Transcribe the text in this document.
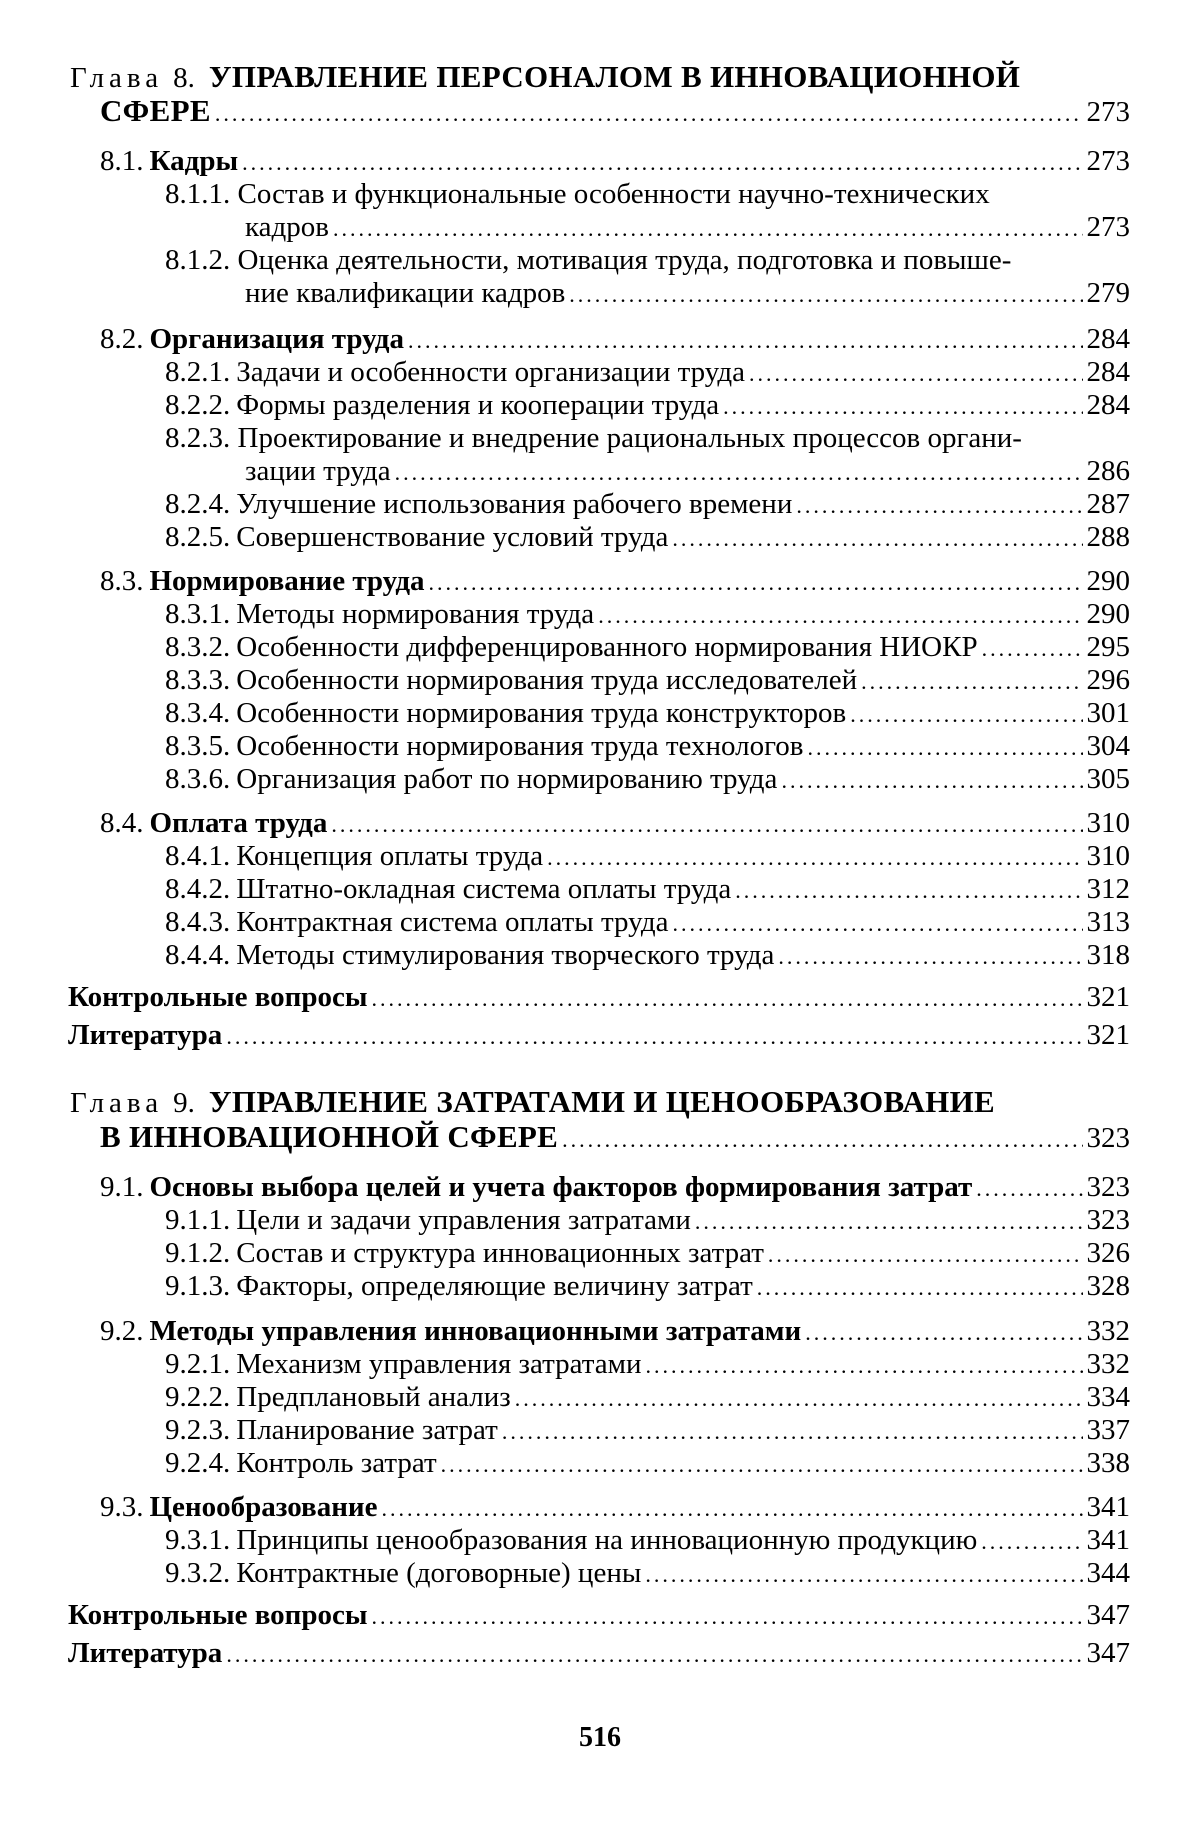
Глава 8. УПРАВЛЕНИЕ ПЕРСОНАЛОМ В ИННОВАЦИОННОЙ
СФЕРЕ .....	273
8.1. Кадры .....	273
8.1.1. Состав и функциональные особенности научно-технических
кадров .....	273
8.1.2. Оценка деятельности, мотивация труда, подготовка и повыше-
ние квалификации кадров .....	279
8.2. Организация труда .....	284
8.2.1. Задачи и особенности организации труда .....	284
8.2.2. Формы разделения и кооперации труда .....	284
8.2.3. Проектирование и внедрение рациональных процессов органи-
зации труда .....	286
8.2.4. Улучшение использования рабочего времени .....	287
8.2.5. Совершенствование условий труда .....	288
8.3. Нормирование труда .....	290
8.3.1. Методы нормирования труда .....	290
8.3.2. Особенности дифференцированного нормирования НИОКР .....	295
8.3.3. Особенности нормирования труда исследователей .....	296
8.3.4. Особенности нормирования труда конструкторов .....	301
8.3.5. Особенности нормирования труда технологов .....	304
8.3.6. Организация работ по нормированию труда .....	305
8.4. Оплата труда .....	310
8.4.1. Концепция оплаты труда .....	310
8.4.2. Штатно-окладная система оплаты труда .....	312
8.4.3. Контрактная система оплаты труда .....	313
8.4.4. Методы стимулирования творческого труда .....	318
Контрольные вопросы .....	321
Литература .....	321
Глава 9. УПРАВЛЕНИЕ ЗАТРАТАМИ И ЦЕНООБРАЗОВАНИЕ
В ИННОВАЦИОННОЙ СФЕРЕ .....	323
9.1. Основы выбора целей и учета факторов формирования затрат .....	323
9.1.1. Цели и задачи управления затратами .....	323
9.1.2. Состав и структура инновационных затрат .....	326
9.1.3. Факторы, определяющие величину затрат .....	328
9.2. Методы управления инновационными затратами .....	332
9.2.1. Механизм управления затратами .....	332
9.2.2. Предплановый анализ .....	334
9.2.3. Планирование затрат .....	337
9.2.4. Контроль затрат .....	338
9.3. Ценообразование .....	341
9.3.1. Принципы ценообразования на инновационную продукцию .....	341
9.3.2. Контрактные (договорные) цены .....	344
Контрольные вопросы .....	347
Литература .....	347
516
